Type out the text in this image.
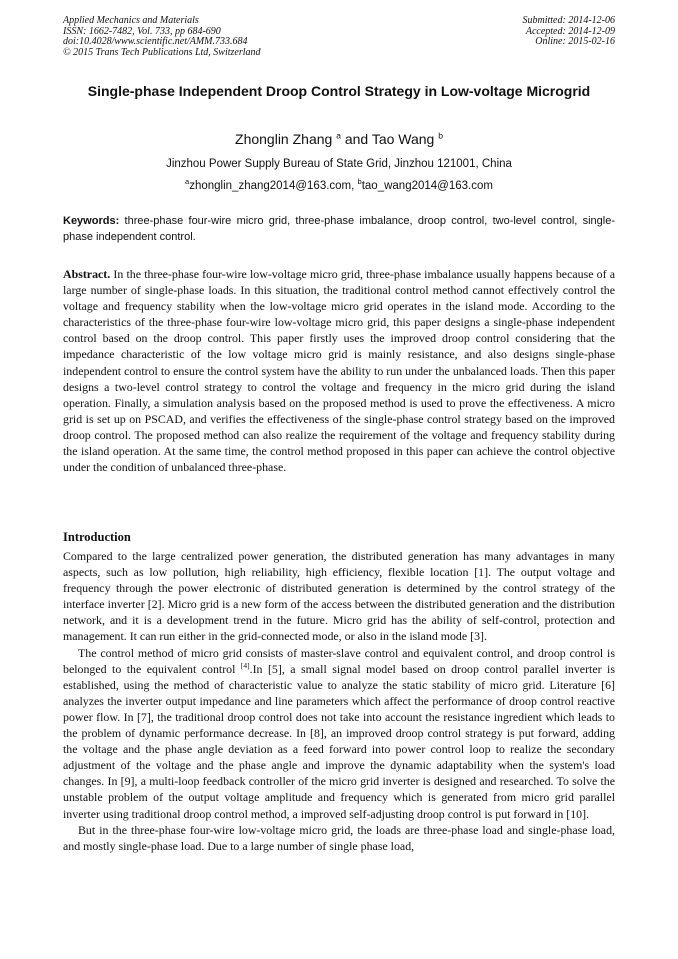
Applied Mechanics and Materials
ISSN: 1662-7482, Vol. 733, pp 684-690
doi:10.4028/www.scientific.net/AMM.733.684
© 2015 Trans Tech Publications Ltd, Switzerland
Submitted: 2014-12-06
Accepted: 2014-12-09
Online: 2015-02-16
Single-phase Independent Droop Control Strategy in Low-voltage Microgrid
Zhonglin Zhang $^a$ and Tao Wang $^b$
Jinzhou Power Supply Bureau of State Grid, Jinzhou 121001, China
$^a$zhonglin_zhang2014@163.com, $^b$tao_wang2014@163.com
Keywords: three-phase four-wire micro grid, three-phase imbalance, droop control, two-level control, single-phase independent control.

Abstract. In the three-phase four-wire low-voltage micro grid, three-phase imbalance usually happens because of a large number of single-phase loads. In this situation, the traditional control method cannot effectively control the voltage and frequency stability when the low-voltage micro grid operates in the island mode. According to the characteristics of the three-phase four-wire low-voltage micro grid, this paper designs a single-phase independent control based on the droop control. This paper firstly uses the improved droop control considering that the impedance characteristic of the low voltage micro grid is mainly resistance, and also designs single-phase independent control to ensure the control system have the ability to run under the unbalanced loads. Then this paper designs a two-level control strategy to control the voltage and frequency in the micro grid during the island operation. Finally, a simulation analysis based on the proposed method is used to prove the effectiveness. A micro grid is set up on PSCAD, and verifies the effectiveness of the single-phase control strategy based on the improved droop control. The proposed method can also realize the requirement of the voltage and frequency stability during the island operation. At the same time, the control method proposed in this paper can achieve the control objective under the condition of unbalanced three-phase.

Introduction

Compared to the large centralized power generation, the distributed generation has many advantages in many aspects, such as low pollution, high reliability, high efficiency, flexible location [1]. The output voltage and frequency through the power electronic of distributed generation is determined by the control strategy of the interface inverter [2]. Micro grid is a new form of the access between the distributed generation and the distribution network, and it is a development trend in the future. Micro grid has the ability of self-control, protection and management. It can run either in the grid-connected mode, or also in the island mode [3].

The control method of micro grid consists of master-slave control and equivalent control, and droop control is belonged to the equivalent control [4].In [5], a small signal model based on droop control parallel inverter is established, using the method of characteristic value to analyze the static stability of micro grid. Literature [6] analyzes the inverter output impedance and line parameters which affect the performance of droop control reactive power flow. In [7], the traditional droop control does not take into account the resistance ingredient which leads to the problem of dynamic performance decrease. In [8], an improved droop control strategy is put forward, adding the voltage and the phase angle deviation as a feed forward into power control loop to realize the secondary adjustment of the voltage and the phase angle and improve the dynamic adaptability when the system's load changes. In [9], a multi-loop feedback controller of the micro grid inverter is designed and researched. To solve the unstable problem of the output voltage amplitude and frequency which is generated from micro grid parallel inverter using traditional droop control method, a improved self-adjusting droop control is put forward in [10].

But in the three-phase four-wire low-voltage micro grid, the loads are three-phase load and single-phase load, and mostly single-phase load. Due to a large number of single phase load,
